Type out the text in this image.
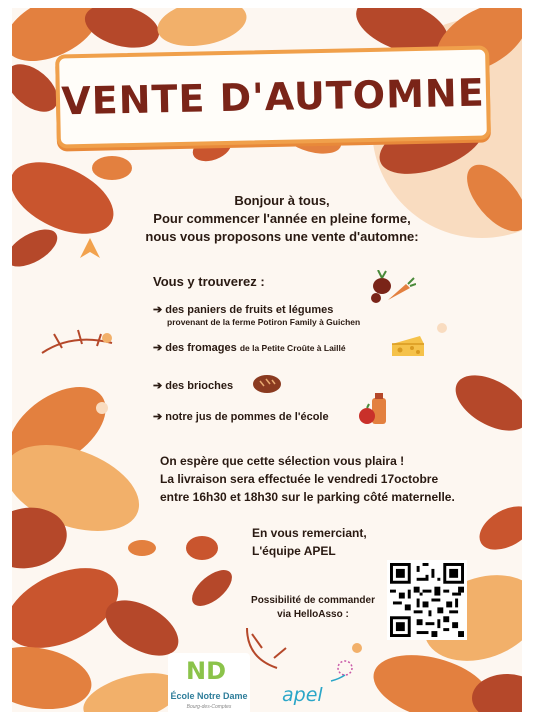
VENTE D'AUTOMNE
Bonjour à tous,
Pour commencer l'année en pleine forme,
nous vous proposons une vente d'automne:
Vous y trouverez :
➔ des paniers de fruits et légumes
provenant de la ferme Potiron Family à Guichen
➔ des fromages de la Petite Croûte à Laillé
➔ des brioches
➔ notre jus de pommes de l'école
On espère que cette sélection vous plaira !
La livraison sera effectuée le vendredi 17octobre
entre 16h30 et 18h30 sur le parking côté maternelle.
En vous remerciant,
L'équipe APEL
Possibilité de commander
via HelloAsso :
ND
École Notre Dame
Bourg-des-Comptes
apel
